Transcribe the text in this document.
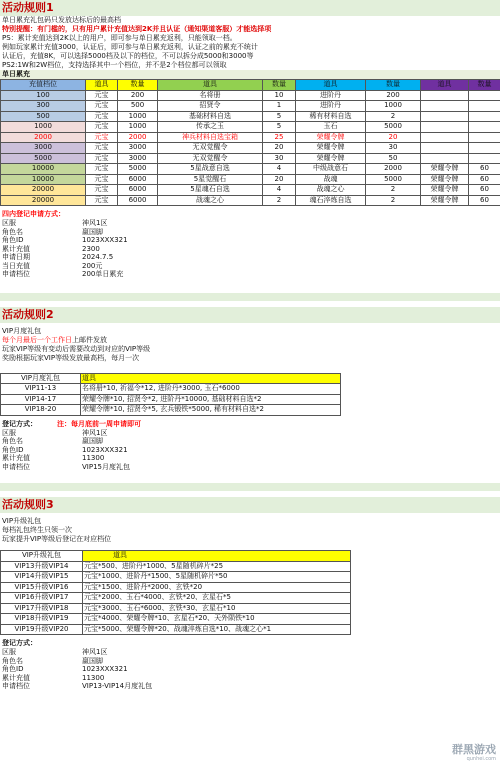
活动规则1
单日累充礼包码只发放达标后的最高档
特别提醒：有门槛的，只有用户累计充值达到2K并且认证（通知渠道客服）才能选择项
PS：累计充值达到2K以上的用户，即可参与单日累充返利，只能领取一档。
例如玩家累计充值3000，认证后，即可参与单日累充返利，认证之前的累充不统计
认证后，充值8K，可以选择5000档及以下的档位，不可以拆分成5000和3000等
PS2:1W和2W档位，支持选择其中一个档位，并不是2个档位都可以领取
单日累充
充值档位	道具	数量	道具	数量	道具	数量	道具	数量
100	元宝	200	名将册	10	进阶丹	200		
300	元宝	500	招贤令	1	进阶丹	1000		
500	元宝	1000	基础材料自选	5	稀有材料自选	2		
1000	元宝	1000	传承之玉	5	玉石	5000		
2000	元宝	2000	神兵材料自选宝箱	25	荣耀令牌	20		
3000	元宝	3000	无双觉醒令	20	荣耀令牌	30		
5000	元宝	3000	无双觉醒令	30	荣耀令牌	50		
10000	元宝	5000	5星战意自选	4	中级战意石	2000	荣耀令牌	60
10000	元宝	6000	5星觉醒石	20	战魂	5000	荣耀令牌	60
20000	元宝	6000	5星魂石自选	4	战魂之心	2	荣耀令牌	60
20000	元宝	6000	战魂之心	2	魂石淬炼自选	2	荣耀令牌	60
四内登记申请方式：
区服	神风1区
角色名	嬴国脚
角色ID	1023XXX321
累计充值	2300
申请日期	2024.7.5
当日充值	200元
申请档位	200单日累充
活动规则2
VIP月度礼包
每个月最后一个工作日上邮件发放
玩家VIP等级有变动后需要改动到对应的VIP等级
奖励根据玩家VIP等级发放最高档，每月一次
VIP月度礼包	道具
VIP11-13	名将册*10, 祈福令*12, 进阶丹*3000, 玉石*6000
VIP14-17	荣耀令牌*10, 招贤令*2, 进阶丹*10000, 基础材料自选*2
VIP18-20	荣耀令牌*10, 招贤令*5, 玄兵锻铁*5000, 稀有材料自选*2
登记方式：	注：每月底前一周申请即可
区服	神风1区
角色名	嬴国脚
角色ID	1023XXX321
累计充值	11300
申请档位	VIP15月度礼包
活动规则3
VIP升级礼包
每档礼包终生只领一次
玩家提升VIP等级后登记在对应档位
VIP升级礼包	道具
VIP13升级VIP14	元宝*500、进阶丹*1000、5星随机碎片*25
VIP14升级VIP15	元宝*1000、进阶丹*1500、5星随机碎片*50
VIP15升级VIP16	元宝*1500、进阶丹*2000、玄铁*20
VIP16升级VIP17	元宝*2000、玉石*4000、玄铁*20、玄星石*5
VIP17升级VIP18	元宝*3000、玉石*6000、玄铁*30、玄星石*10
VIP18升级VIP19	元宝*4000、荣耀令牌*10、玄星石*20、天外陨铁*10
VIP19升级VIP20	元宝*5000、荣耀令牌*20、战魂淬炼自选*10、战魂之心*1
登记方式：
区服	神风1区
角色名	嬴国脚
角色ID	1023XXX321
累计充值	11300
申请档位	VIP13-VIP14月度礼包
群黑游戏
qunhei.com
